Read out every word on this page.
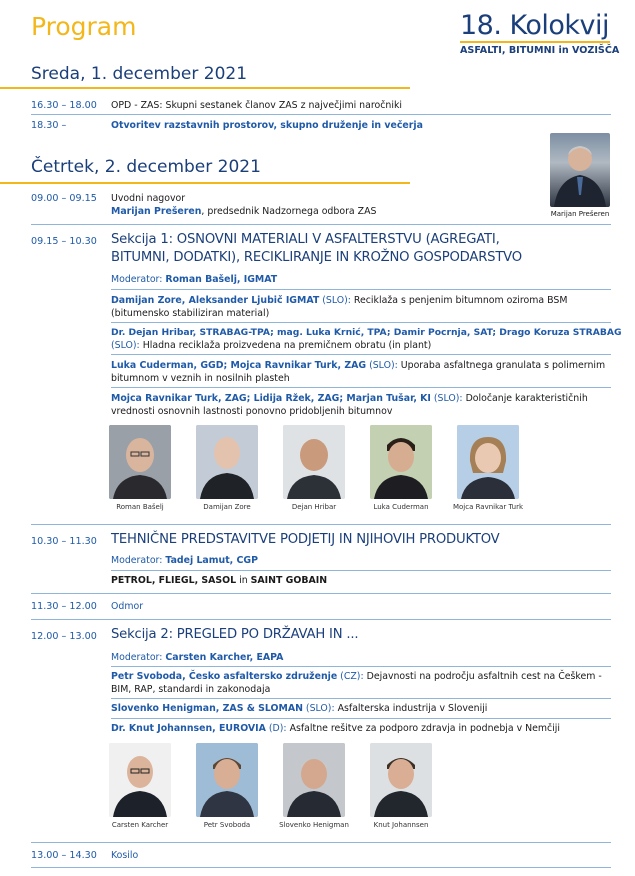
Program	18. Kolokvij
ASFALTI, BITUMNI in VOZIŠČA
Sreda, 1. december 2021
16.30 – 18.00 OPD - ZAS: Skupni sestanek članov ZAS z največjimi naročniki
18.30 –	Otvoritev razstavnih prostorov, skupno druženje in večerja
Četrtek, 2. december 2021
Marijan Prešeren
09.00 – 09.15 Uvodni nagovor
Marijan Prešeren, predsednik Nadzornega odbora ZAS
09.15 – 10.30 Sekcija 1: OSNOVNI MATERIALI V ASFALTERSTVU (AGREGATI,
BITUMNI, DODATKI), RECIKLIRANJE IN KROŽNO GOSPODARSTVO
Moderator: Roman Bašelj, IGMAT
Damijan Zore, Aleksander Ljubič IGMAT (SLO): Reciklaža s penjenim bitumnom oziroma BSM
(bitumensko stabiliziran material)
Dr. Dejan Hribar, STRABAG-TPA; mag. Luka Krnić, TPA; Damir Pocrnja, SAT; Drago Koruza STRABAG
(SLO): Hladna reciklaža proizvedena na premičnem obratu (in plant)
Luka Cuderman, GGD; Mojca Ravnikar Turk, ZAG (SLO): Uporaba asfaltnega granulata s polimernim
bitumnom v veznih in nosilnih plasteh
Mojca Ravnikar Turk, ZAG; Lidija Ržek, ZAG; Marjan Tušar, KI (SLO): Določanje karakterističnih
vrednosti osnovnih lastnosti ponovno pridobljenih bitumnov
Roman Bašelj	Damijan Zore	Dejan Hribar	Luka Cuderman	Mojca Ravnikar Turk
10.30 – 11.30 TEHNIČNE PREDSTAVITVE PODJETIJ IN NJIHOVIH PRODUKTOV
Moderator: Tadej Lamut, CGP
PETROL, FLIEGL, SASOL in SAINT GOBAIN
11.30 – 12.00 Odmor
12.00 – 13.00 Sekcija 2: PREGLED PO DRŽAVAH IN ...
Moderator: Carsten Karcher, EAPA
Petr Svoboda, Česko asfaltersko združenje (CZ): Dejavnosti na področju asfaltnih cest na Češkem -
BIM, RAP, standardi in zakonodaja
Slovenko Henigman, ZAS & SLOMAN (SLO): Asfalterska industrija v Sloveniji
Dr. Knut Johannsen, EUROVIA (D): Asfaltne rešitve za podporo zdravja in podnebja v Nemčiji
Carsten Karcher	Petr Svoboda	Slovenko Henigman	Knut Johannsen
13.00 – 14.30 Kosilo
